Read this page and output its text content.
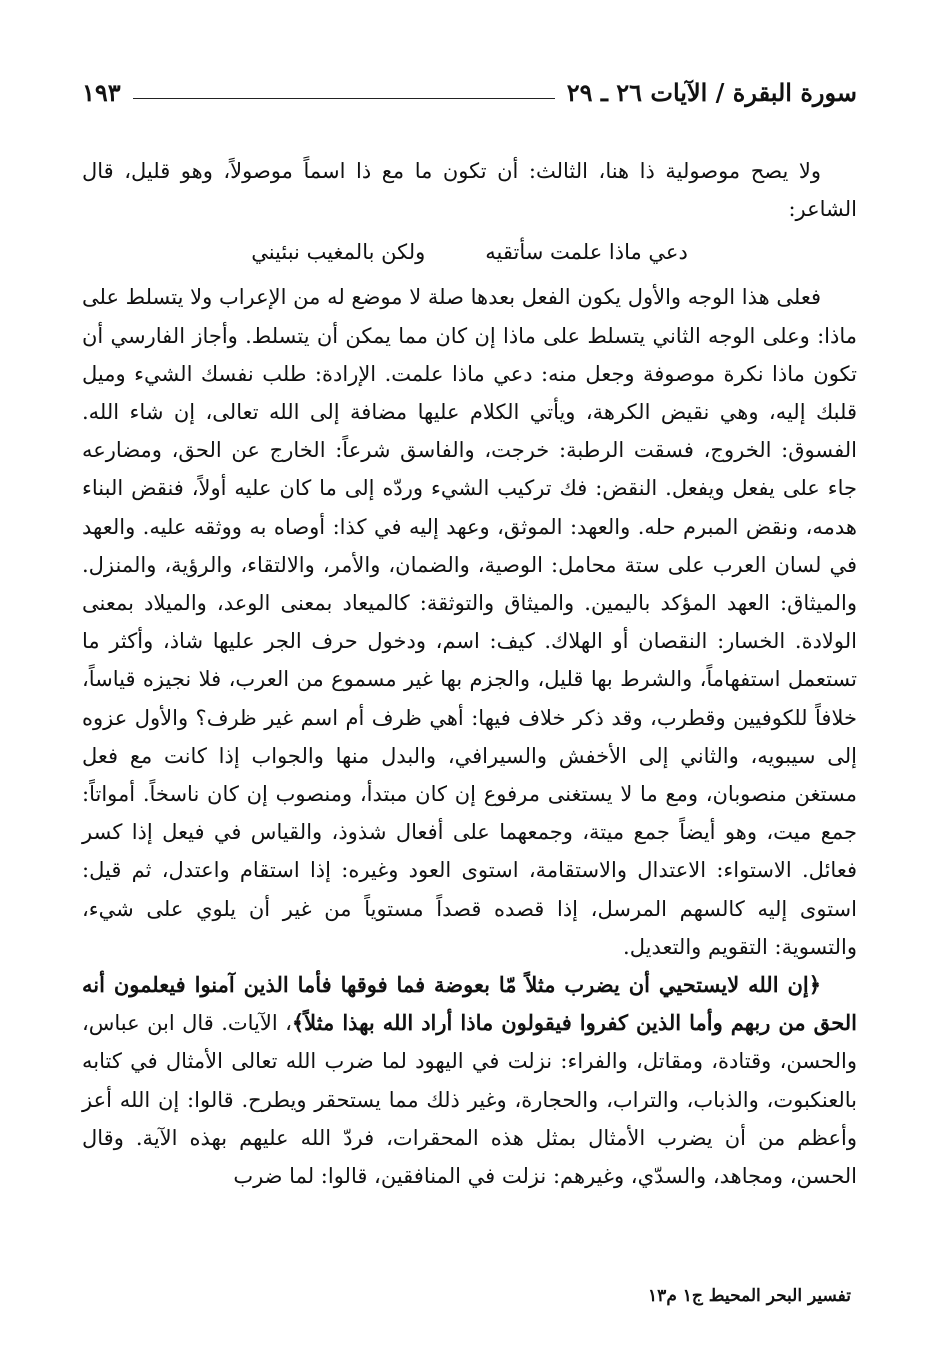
سورة البقرة / الآيات ٢٦ ـ ٢٩
١٩٣

ولا يصح موصولية ذا هنا، الثالث: أن تكون ما مع ذا اسماً موصولاً، وهو قليل، قال الشاعر:

دعي ماذا علمت سأتقيه
ولكن بالمغيب نبئيني

فعلى هذا الوجه والأول يكون الفعل بعدها صلة لا موضع له من الإعراب ولا يتسلط على ماذا: وعلى الوجه الثاني يتسلط على ماذا إن كان مما يمكن أن يتسلط. وأجاز الفارسي أن تكون ماذا نكرة موصوفة وجعل منه: دعي ماذا علمت. الإرادة: طلب نفسك الشيء وميل قلبك إليه، وهي نقيض الكرهة، ويأتي الكلام عليها مضافة إلى الله تعالى، إن شاء الله. الفسوق: الخروج، فسقت الرطبة: خرجت، والفاسق شرعاً: الخارج عن الحق، ومضارعه جاء على يفعل ويفعل. النقض: فك تركيب الشيء وردّه إلى ما كان عليه أولاً، فنقض البناء هدمه، ونقض المبرم حله. والعهد: الموثق، وعهد إليه في كذا: أوصاه به ووثقه عليه. والعهد في لسان العرب على ستة محامل: الوصية، والضمان، والأمر، والالتقاء، والرؤية، والمنزل. والميثاق: العهد المؤكد باليمين. والميثاق والتوثقة: كالميعاد بمعنى الوعد، والميلاد بمعنى الولادة. الخسار: النقصان أو الهلاك. كيف: اسم، ودخول حرف الجر عليها شاذ، وأكثر ما تستعمل استفهاماً، والشرط بها قليل، والجزم بها غير مسموع من العرب، فلا نجيزه قياساً، خلافاً للكوفيين وقطرب، وقد ذكر خلاف فيها: أهي ظرف أم اسم غير ظرف؟ والأول عزوه إلى سيبويه، والثاني إلى الأخفش والسيرافي، والبدل منها والجواب إذا كانت مع فعل مستغن منصوبان، ومع ما لا يستغنى مرفوع إن كان مبتدأ، ومنصوب إن كان ناسخاً. أمواتاً: جمع ميت، وهو أيضاً جمع ميتة، وجمعهما على أفعال شذوذ، والقياس في فيعل إذا كسر فعائل. الاستواء: الاعتدال والاستقامة، استوى العود وغيره: إذا استقام واعتدل، ثم قيل: استوى إليه كالسهم المرسل، إذا قصده قصداً مستوياً من غير أن يلوي على شيء، والتسوية: التقويم والتعديل.

﴿إن الله لايستحيي أن يضرب مثلاً مّا بعوضة فما فوقها فأما الذين آمنوا فيعلمون أنه الحق من ربهم وأما الذين كفروا فيقولون ماذا أراد الله بهذا مثلاً﴾، الآيات. قال ابن عباس، والحسن، وقتادة، ومقاتل، والفراء: نزلت في اليهود لما ضرب الله تعالى الأمثال في كتابه بالعنكبوت، والذباب، والتراب، والحجارة، وغير ذلك مما يستحقر ويطرح. قالوا: إن الله أعز وأعظم من أن يضرب الأمثال بمثل هذه المحقرات، فردّ الله عليهم بهذه الآية. وقال الحسن، ومجاهد، والسدّي، وغيرهم: نزلت في المنافقين، قالوا: لما ضرب

تفسير البحر المحيط ج١ م١٣
